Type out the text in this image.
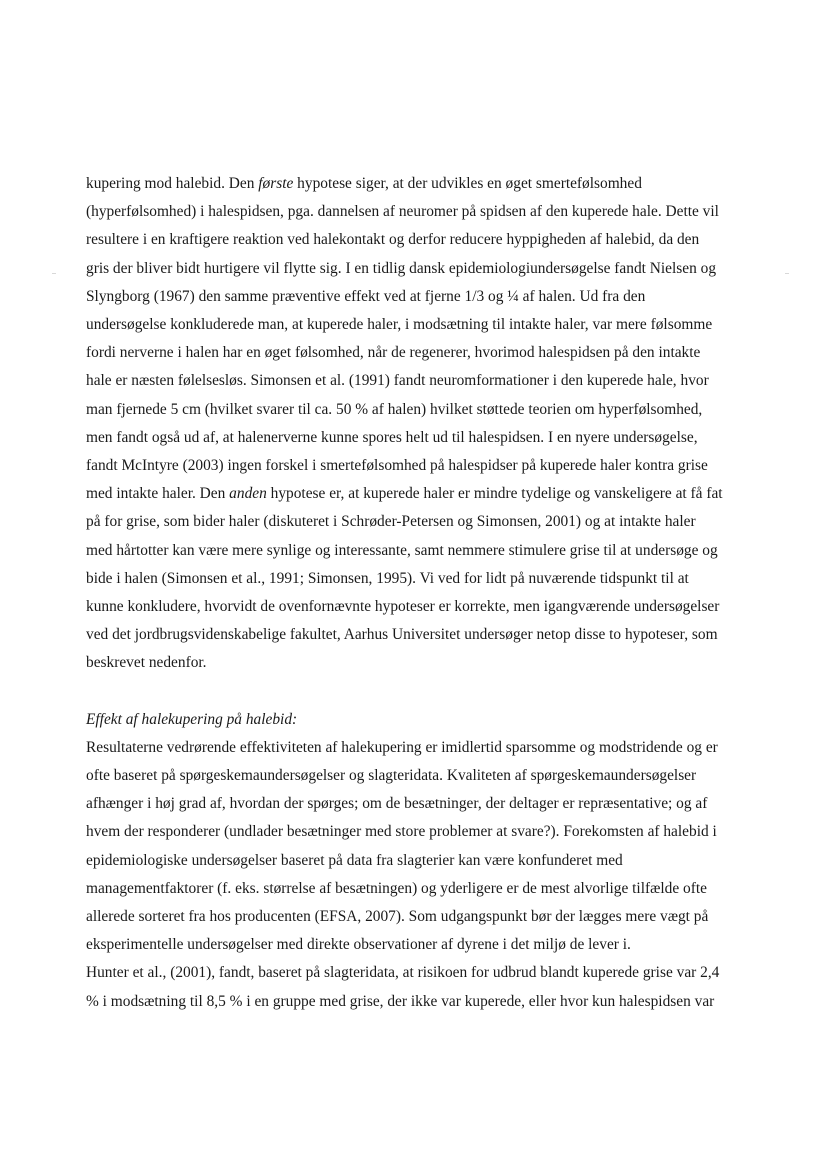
kupering mod halebid. Den første hypotese siger, at der udvikles en øget smertefølsomhed
(hyperfølsomhed) i halespidsen, pga. dannelsen af neuromer på spidsen af den kuperede hale. Dette vil
resultere i en kraftigere reaktion ved halekontakt og derfor reducere hyppigheden af halebid, da den
gris der bliver bidt hurtigere vil flytte sig. I en tidlig dansk epidemiologiundersøgelse fandt Nielsen og
Slyngborg (1967) den samme præventive effekt ved at fjerne 1/3 og ¼ af halen. Ud fra den
undersøgelse konkluderede man, at kuperede haler, i modsætning til intakte haler, var mere følsomme
fordi nerverne i halen har en øget følsomhed, når de regenerer, hvorimod halespidsen på den intakte
hale er næsten følelsesløs. Simonsen et al. (1991) fandt neuromformationer i den kuperede hale, hvor
man fjernede 5 cm (hvilket svarer til ca. 50 % af halen) hvilket støttede teorien om hyperfølsomhed,
men fandt også ud af, at halenerverne kunne spores helt ud til halespidsen. I en nyere undersøgelse,
fandt McIntyre (2003) ingen forskel i smertefølsomhed på halespidser på kuperede haler kontra grise
med intakte haler. Den anden hypotese er, at kuperede haler er mindre tydelige og vanskeligere at få fat
på for grise, som bider haler (diskuteret i Schrøder-Petersen og Simonsen, 2001) og at intakte haler
med hårtotter kan være mere synlige og interessante, samt nemmere stimulere grise til at undersøge og
bide i halen (Simonsen et al., 1991; Simonsen, 1995). Vi ved for lidt på nuværende tidspunkt til at
kunne konkludere, hvorvidt de ovenfornævnte hypoteser er korrekte, men igangværende undersøgelser
ved det jordbrugsvidenskabelige fakultet, Aarhus Universitet undersøger netop disse to hypoteser, som
beskrevet nedenfor.

Effekt af halekupering på halebid:
Resultaterne vedrørende effektiviteten af halekupering er imidlertid sparsomme og modstridende og er
ofte baseret på spørgeskemaundersøgelser og slagteridata. Kvaliteten af spørgeskemaundersøgelser
afhænger i høj grad af, hvordan der spørges; om de besætninger, der deltager er repræsentative; og af
hvem der responderer (undlader besætninger med store problemer at svare?). Forekomsten af halebid i
epidemiologiske undersøgelser baseret på data fra slagterier kan være konfunderet med
managementfaktorer (f. eks. størrelse af besætningen) og yderligere er de mest alvorlige tilfælde ofte
allerede sorteret fra hos producenten (EFSA, 2007). Som udgangspunkt bør der lægges mere vægt på
eksperimentelle undersøgelser med direkte observationer af dyrene i det miljø de lever i.
Hunter et al., (2001), fandt, baseret på slagteridata, at risikoen for udbrud blandt kuperede grise var 2,4
% i modsætning til 8,5 % i en gruppe med grise, der ikke var kuperede, eller hvor kun halespidsen var
